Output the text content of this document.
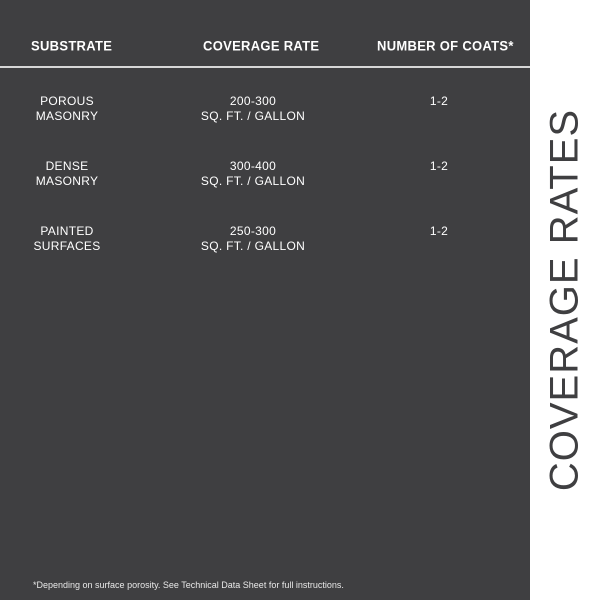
SUBSTRATE	COVERAGE RATE	NUMBER OF COATS*
POROUS
MASONRY
200-300
SQ. FT. / GALLON
1-2
DENSE
MASONRY
300-400
SQ. FT. / GALLON
1-2
PAINTED
SURFACES
250-300
SQ. FT. / GALLON
1-2
*Depending on surface porosity. See Technical Data Sheet for full instructions.
COVERAGE RATES
